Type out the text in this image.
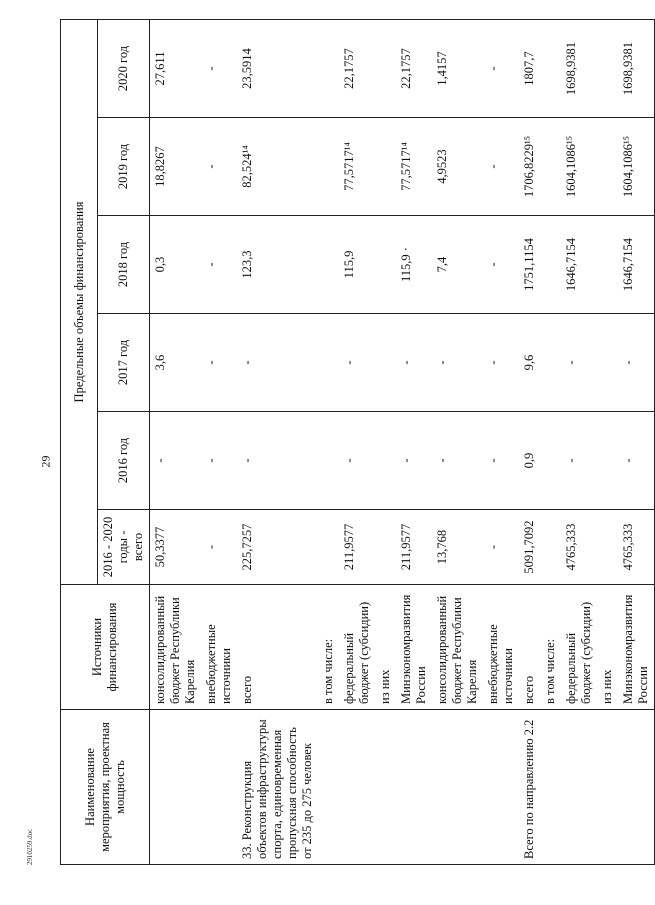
29
2910259.doc
Наименование мероприятия, проектная мощность	Источники финансирования	Предельные объемы финансирования					
		2016 - 2020 годы - всего	2016 год	2017 год	2018 год	2019 год	2020 год
	консолидированный бюджет Республики Карелия	50,3377	-	3,6	0,3	18,8267	27,611
	внебюджетные источники	-	-	-	-	-	-
33. Реконструкция объектов инфраструктуры спорта, единовременная пропускная способность от 235 до 275 человек	всего	225,7257	-	-	123,3	82,524¹⁴	23,5914
	в том числе:						
	федеральный бюджет (субсидии)	211,9577	-	-	115,9	77,5717¹⁴	22,1757
	из них						
	Минэкономразвития России	211,9577	-	-	115,9 ·	77,5717¹⁴	22,1757
	консолидированный бюджет Республики Карелия	13,768	-	-	7,4	4,9523	1,4157
	внебюджетные источники	-	-	-	-	-	-
Всего по направлению 2.2	всего	5091,7092	0,9	9,6	1751,1154	1706,8229¹⁵	1807,7
	в том числе:						
	федеральный бюджет (субсидии)	4765,333	-	-	1646,7154	1604,1086¹⁵	1698,9381
	из них						
	Минэкономразвития России	4765,333	-	-	1646,7154	1604,1086¹⁵	1698,9381
